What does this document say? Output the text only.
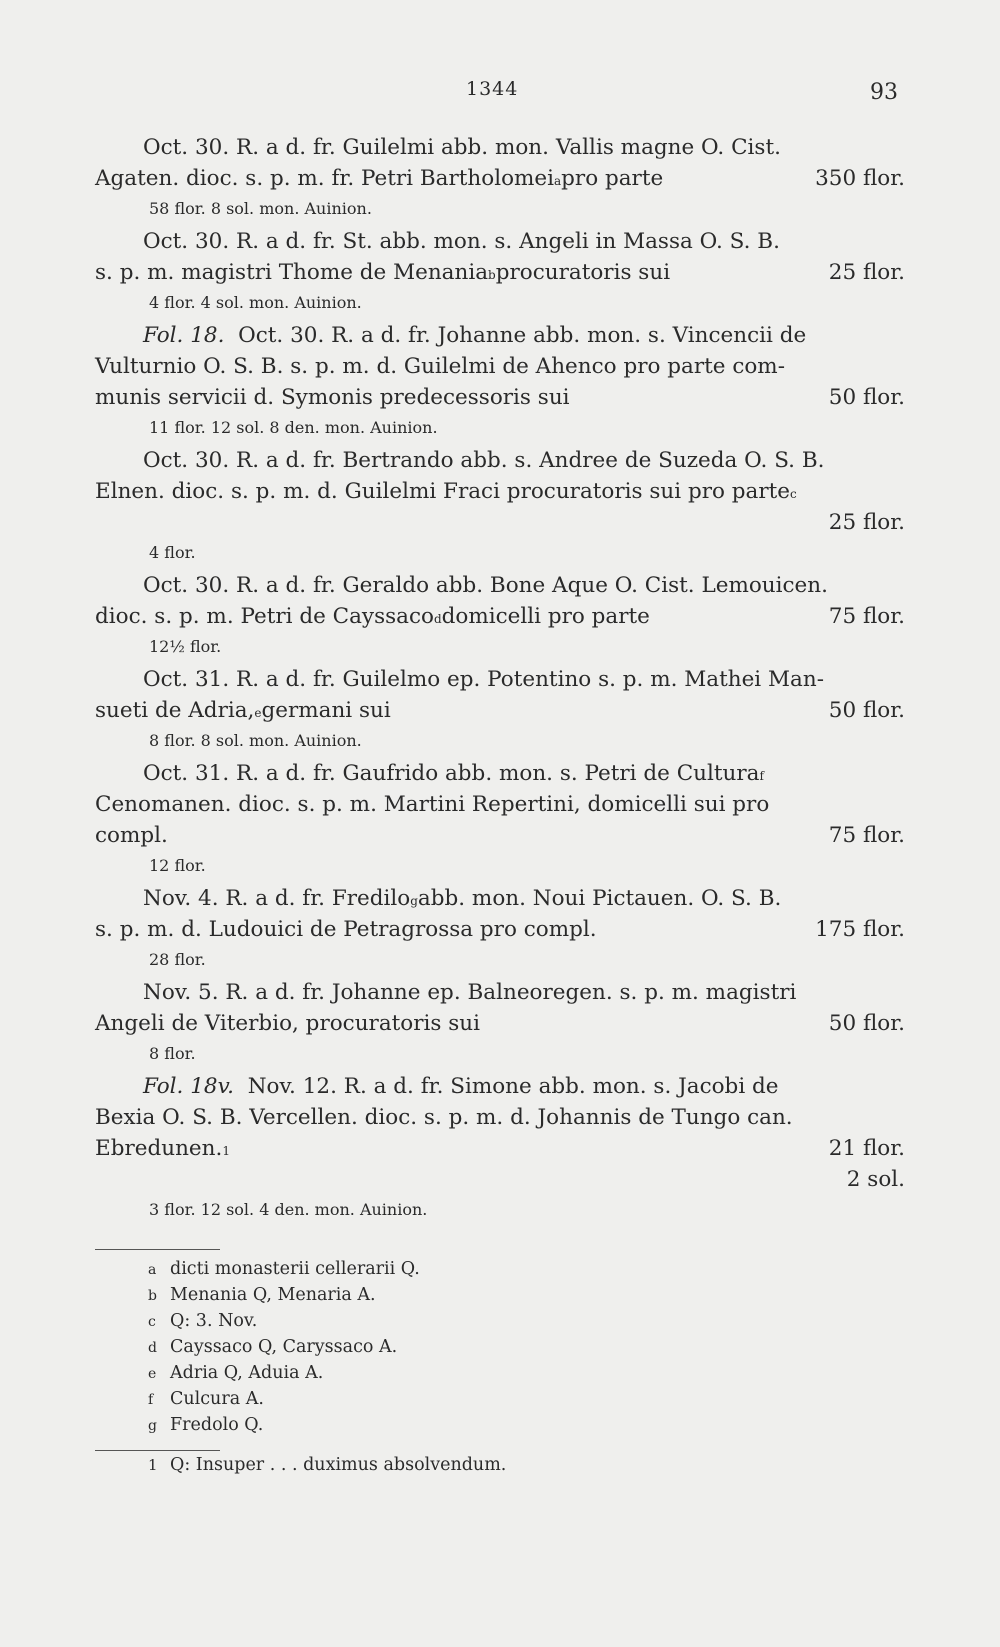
1344	93
Oct. 30. R. a d. fr. Guilelmi abb. mon. Vallis magne O. Cist.
Agaten. dioc. s. p. m. fr. Petri Bartholomei a pro parte	350 flor.
58 flor. 8 sol. mon. Auinion.
Oct. 30. R. a d. fr. St. abb. mon. s. Angeli in Massa O. S. B.
s. p. m. magistri Thome de Menania b procuratoris sui	25 flor.
4 flor. 4 sol. mon. Auinion.
Fol. 18.
Oct. 30. R. a d. fr. Johanne abb. mon. s. Vincencii de
Vulturnio O. S. B. s. p. m. d. Guilelmi de Ahenco pro parte com-
munis servicii d. Symonis predecessoris sui	50 flor.
11 flor. 12 sol. 8 den. mon. Auinion.
Oct. 30. R. a d. fr. Bertrando abb. s. Andree de Suzeda O. S. B.
Elnen. dioc. s. p. m. d. Guilelmi Fraci procuratoris sui pro parte c
25 flor.
4 flor.
Oct. 30. R. a d. fr. Geraldo abb. Bone Aque O. Cist. Lemouicen.
dioc. s. p. m. Petri de Cayssaco d domicelli pro parte	75 flor.
12½ flor.
Oct. 31. R. a d. fr. Guilelmo ep. Potentino s. p. m. Mathei Man-
sueti de Adria, e germani sui	50 flor.
8 flor. 8 sol. mon. Auinion.
Oct. 31. R. a d. fr. Gaufrido abb. mon. s. Petri de Cultura f
Cenomanen. dioc. s. p. m. Martini Repertini, domicelli sui pro
compl.	75 flor.
12 flor.
Nov. 4. R. a d. fr. Fredilo g abb. mon. Noui Pictauen. O. S. B.
s. p. m. d. Ludouici de Petragrossa pro compl.	175 flor.
28 flor.
Nov. 5. R. a d. fr. Johanne ep. Balneoregen. s. p. m. magistri
Angeli de Viterbio, procuratoris sui	50 flor.
8 flor.
Fol. 18v.
Nov. 12. R. a d. fr. Simone abb. mon. s. Jacobi de
Bexia O. S. B. Vercellen. dioc. s. p. m. d. Johannis de Tungo can.
Ebredunen. 1	21 flor.
2 sol.
3 flor. 12 sol. 4 den. mon. Auinion.
a dicti monasterii cellerarii Q.
b Menania Q, Menaria A.
c Q: 3. Nov.
d Cayssaco Q, Caryssaco A.
e Adria Q, Aduia A.
f Culcura A.
g Fredolo Q.
1 Q: Insuper . . . duximus absolvendum.
